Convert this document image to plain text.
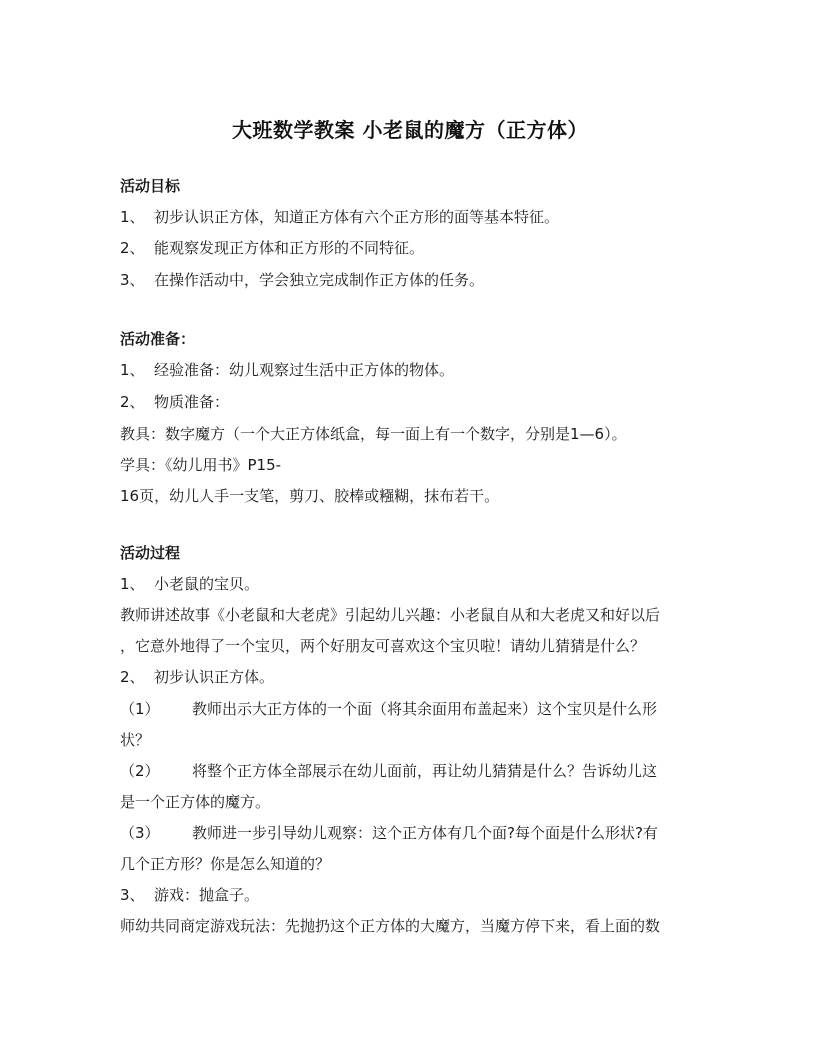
大班数学教案 小老鼠的魔方（正方体）
活动目标
1、 初步认识正方体，知道正方体有六个正方形的面等基本特征。
2、 能观察发现正方体和正方形的不同特征。
3、 在操作活动中，学会独立完成制作正方体的任务。
活动准备：
1、 经验准备：幼儿观察过生活中正方体的物体。
2、 物质准备：
教具：数字魔方（一个大正方体纸盒，每一面上有一个数字，分别是1—6）。
学具：《幼儿用书》P15-
16页，幼儿人手一支笔，剪刀、胶棒或糨糊，抹布若干。
活动过程
1、 小老鼠的宝贝。
教师讲述故事《小老鼠和大老虎》引起幼儿兴趣：小老鼠自从和大老虎又和好以后
，它意外地得了一个宝贝，两个好朋友可喜欢这个宝贝啦！请幼儿猜猜是什么？
2、 初步认识正方体。
（1） 教师出示大正方体的一个面（将其余面用布盖起来）这个宝贝是什么形
状？
（2） 将整个正方体全部展示在幼儿面前，再让幼儿猜猜是什么？告诉幼儿这
是一个正方体的魔方。
（3） 教师进一步引导幼儿观察：这个正方体有几个面?每个面是什么形状?有
几个正方形？你是怎么知道的？
3、 游戏：抛盒子。
师幼共同商定游戏玩法：先抛扔这个正方体的大魔方，当魔方停下来，看上面的数
